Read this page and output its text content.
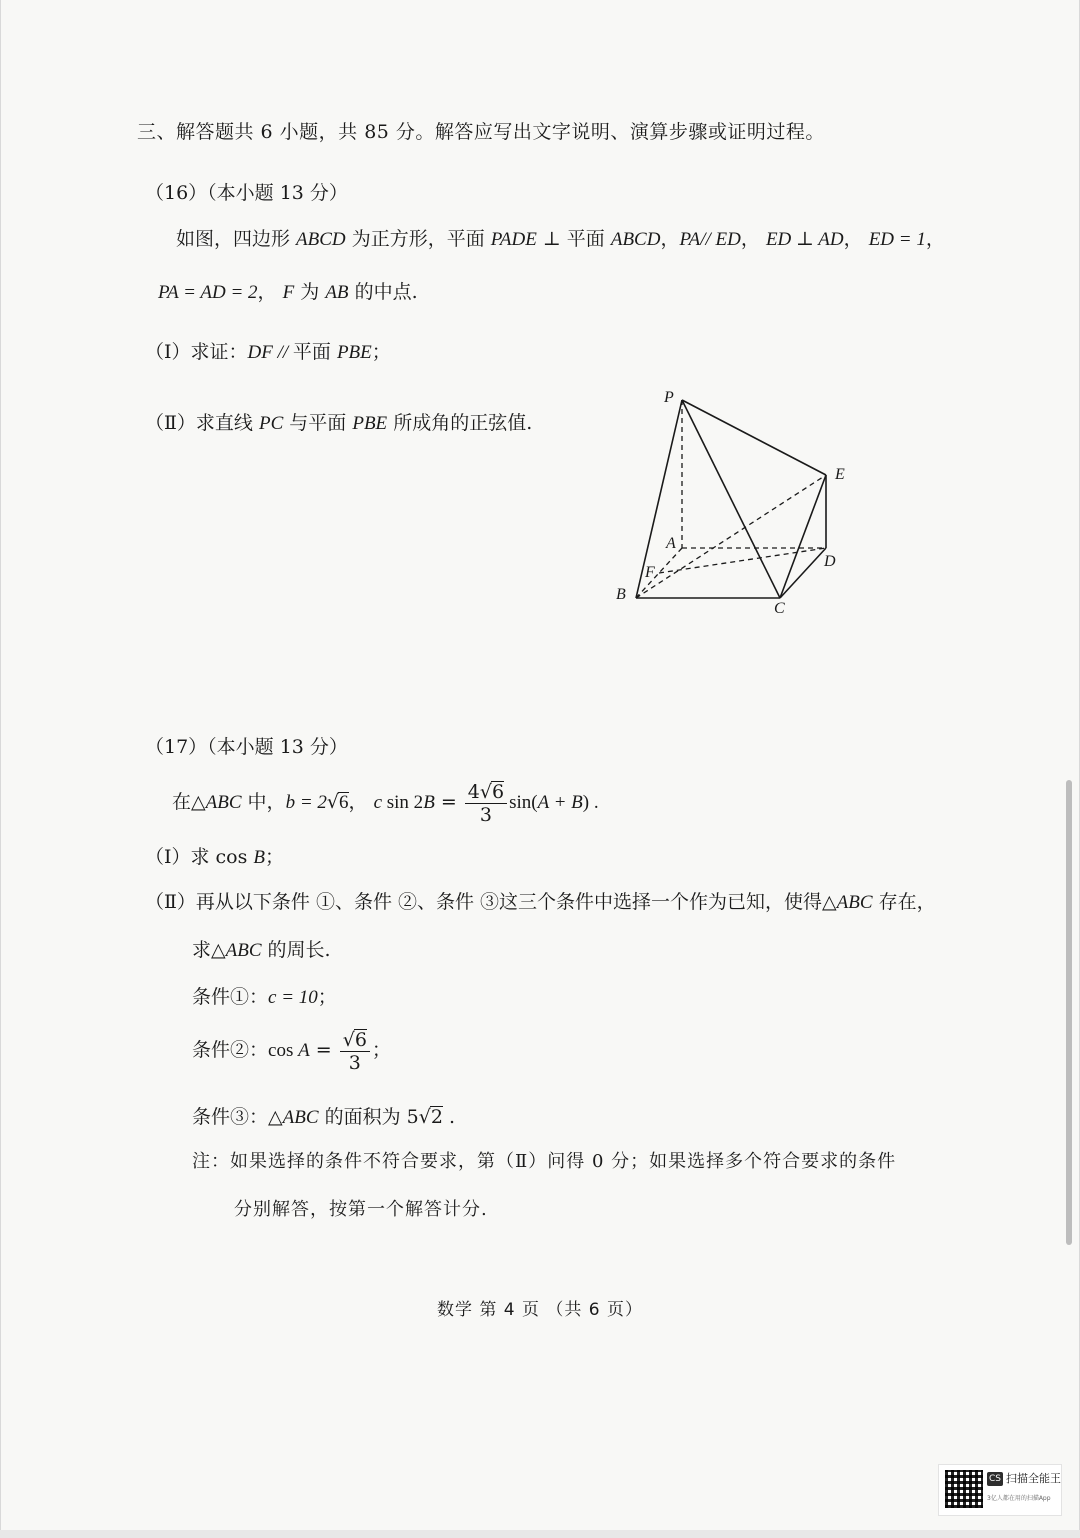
三、解答题共 6 小题，共 85 分。解答应写出文字说明、演算步骤或证明过程。
（16）（本小题 13 分）
如图，四边形 ABCD 为正方形，平面 PADE ⊥ 平面 ABCD，PA// ED， ED ⊥ AD， ED = 1，
PA = AD = 2， F 为 AB 的中点.
（Ⅰ）求证：DF // 平面 PBE；
（Ⅱ）求直线 PC 与平面 PBE 所成角的正弦值.
P
E
A
D
F
B
C
（17）（本小题 13 分）
在△ABC 中，b = 2√6， c $\sin 2B = \frac{4√6}{3} \sin(A + B)$ .
（Ⅰ）求 cos B；
（Ⅱ）再从以下条件 ①、条件 ②、条件 ③这三个条件中选择一个作为已知，使得△ABC 存在，
求△ABC 的周长.
条件①：c = 10；
条件②：$\cos A = \frac{√6}{3}$ ；
条件③：△ABC 的面积为 5√2 .
注：如果选择的条件不符合要求，第（Ⅱ）问得 0 分；如果选择多个符合要求的条件
分别解答，按第一个解答计分.
数学 第 4 页 （共 6 页）
CS 扫描全能王
3亿人都在用的扫描App
